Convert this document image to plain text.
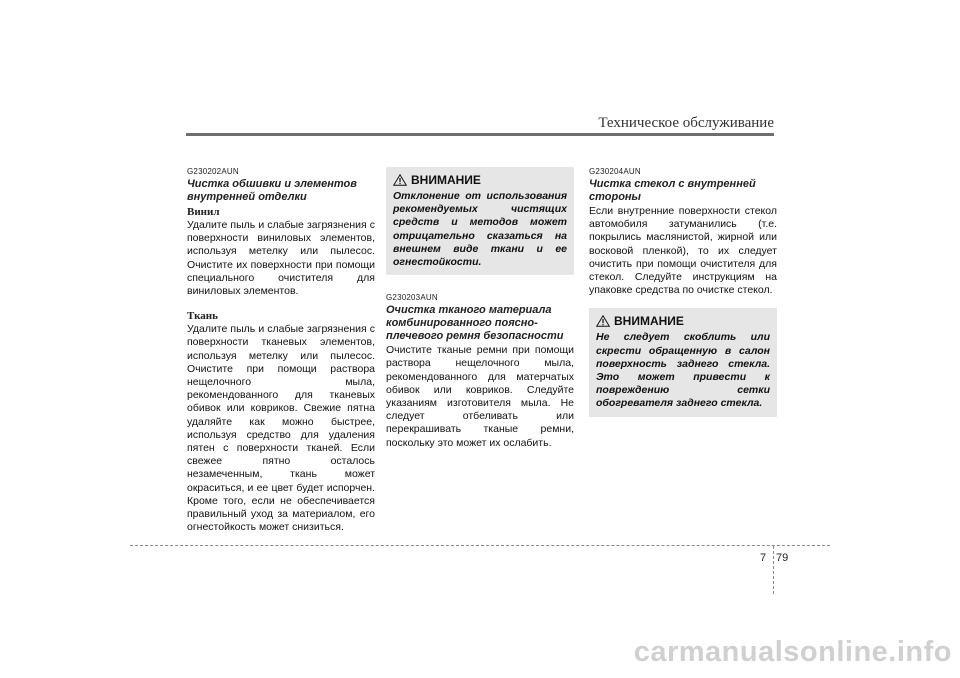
Техническое обслуживание
G230202AUN
Чистка обшивки и элементов внутренней отделки
Винил

Удалите пыль и слабые загрязнения с поверхности виниловых элементов, используя метелку или пылесос. Очистите их поверхности при помощи специального очистителя для виниловых элементов.

Ткань

Удалите пыль и слабые загрязнения с поверхности тканевых элементов, используя метелку или пылесос. Очистите при помощи раствора нещелочного мыла, рекомендованного для тканевых обивок или ковриков. Свежие пятна удаляйте как можно быстрее, используя средство для удаления пятен с поверхности тканей. Если свежее пятно осталось незамеченным, ткань может окраситься, и ее цвет будет испорчен. Кроме того, если не обеспечивается правильный уход за материалом, его огнестойкость может снизиться.

ВНИМАНИЕ
Отклонение от использования рекомендуемых чистящих средств и методов может отрицательно сказаться на внешнем виде ткани и ее огнестойкости.
G230203AUN
Очистка тканого материала комбинированного поясно-плечевого ремня безопасности

Очистите тканые ремни при помощи раствора нещелочного мыла, рекомендованного для матерчатых обивок или ковриков. Следуйте указаниям изготовителя мыла. Не следует отбеливать или перекрашивать тканые ремни, поскольку это может их ослабить.

G230204AUN
Чистка стекол с внутренней стороны

Если внутренние поверхности стекол автомобиля затуманились (т.е. покрылись маслянистой, жирной или восковой пленкой), то их следует очистить при помощи очистителя для стекол. Следуйте инструкциям на упаковке средства по очистке стекол.

ВНИМАНИЕ
Не следует скоблить или скрести обращенную в салон поверхность заднего стекла. Это может привести к повреждению сетки обогревателя заднего стекла.
7 79
carmanualsonline.info
